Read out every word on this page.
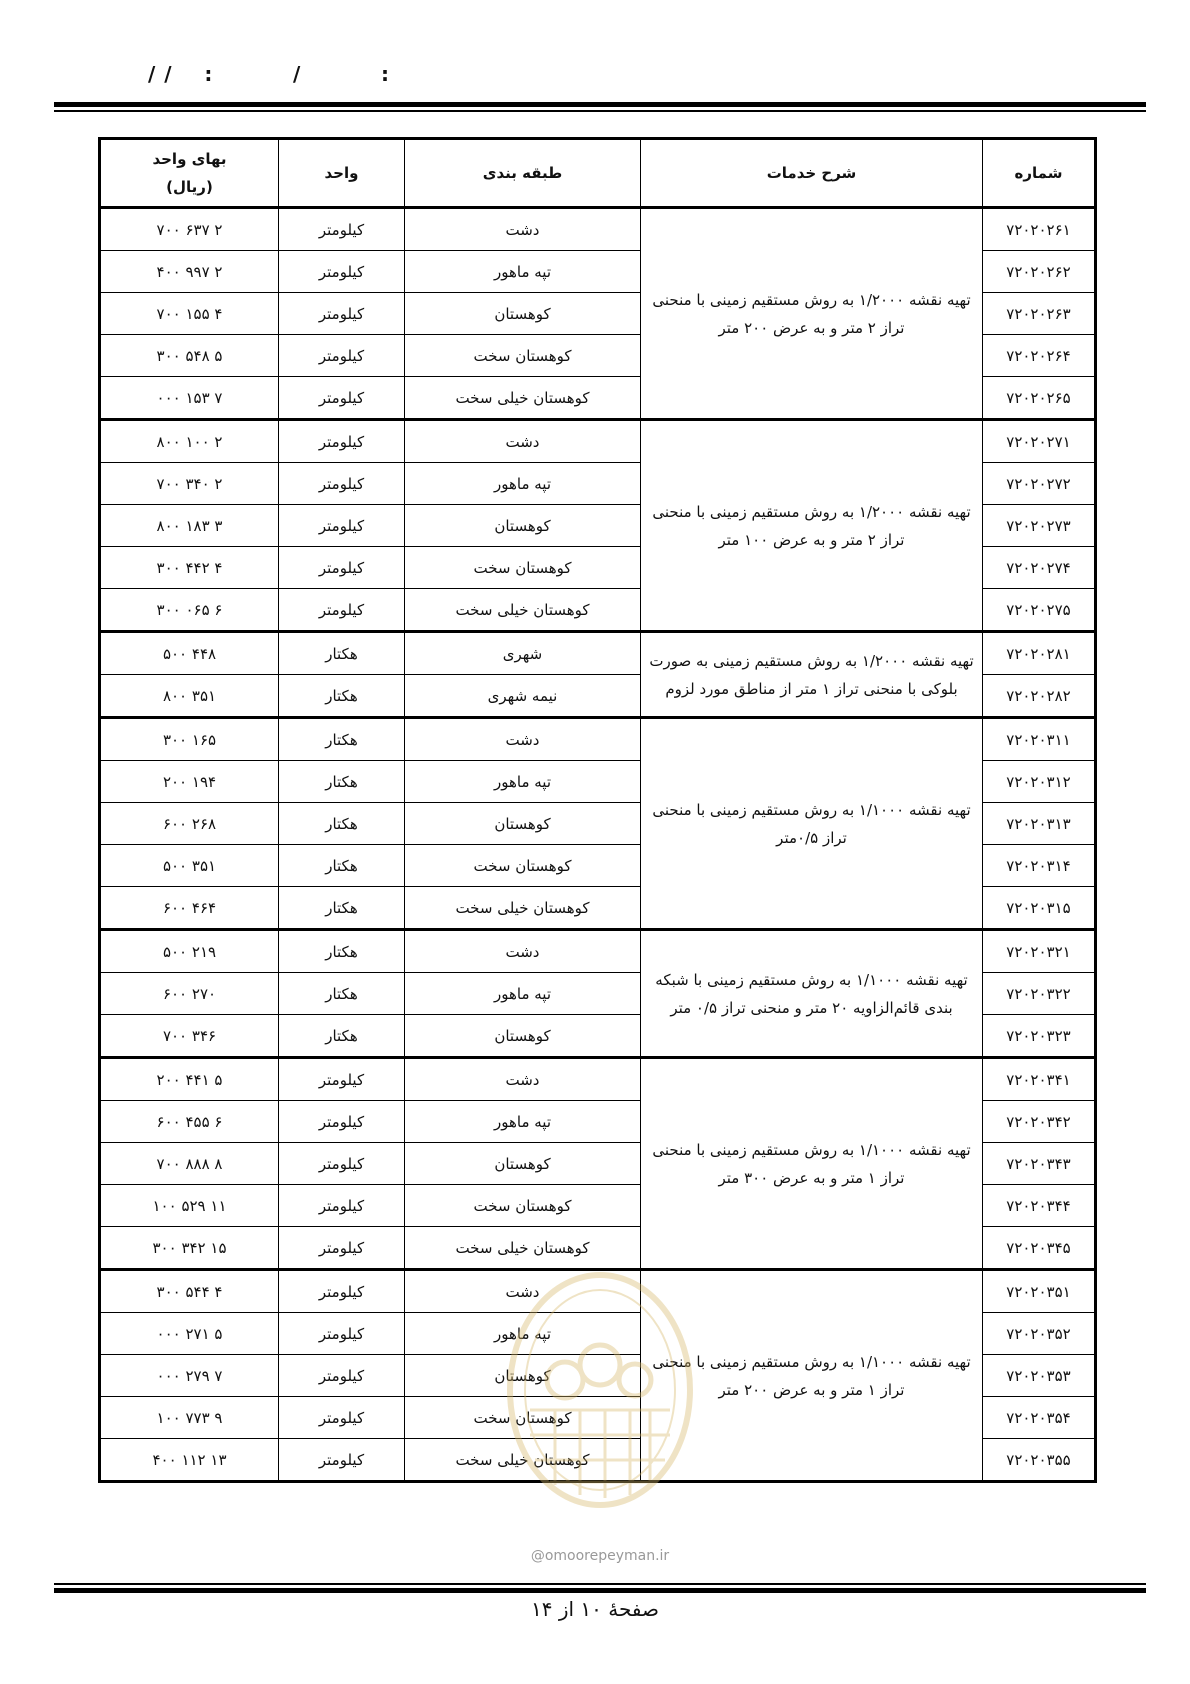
/ /    :          /          :
شماره	شرح خدمات	طبقه بندی	واحد	بهای واحد (ریال)
۷۲۰۲۰۲۶۱	تهیه نقشه ۱/۲۰۰۰ به روش مستقیم زمینی با منحنی تراز ۲ متر و به عرض ۲۰۰ متر	دشت	کیلومتر	۲ ۶۳۷ ۷۰۰
۷۲۰۲۰۲۶۲		تپه ماهور	کیلومتر	۲ ۹۹۷ ۴۰۰
۷۲۰۲۰۲۶۳		کوهستان	کیلومتر	۴ ۱۵۵ ۷۰۰
۷۲۰۲۰۲۶۴		کوهستان سخت	کیلومتر	۵ ۵۴۸ ۳۰۰
۷۲۰۲۰۲۶۵		کوهستان خیلی سخت	کیلومتر	۷ ۱۵۳ ۰۰۰
۷۲۰۲۰۲۷۱	تهیه نقشه ۱/۲۰۰۰ به روش مستقیم زمینی با منحنی تراز ۲ متر و به عرض ۱۰۰ متر	دشت	کیلومتر	۲ ۱۰۰ ۸۰۰
۷۲۰۲۰۲۷۲		تپه ماهور	کیلومتر	۲ ۳۴۰ ۷۰۰
۷۲۰۲۰۲۷۳		کوهستان	کیلومتر	۳ ۱۸۳ ۸۰۰
۷۲۰۲۰۲۷۴		کوهستان سخت	کیلومتر	۴ ۴۴۲ ۳۰۰
۷۲۰۲۰۲۷۵		کوهستان خیلی سخت	کیلومتر	۶ ۰۶۵ ۳۰۰
۷۲۰۲۰۲۸۱	تهیه نقشه ۱/۲۰۰۰ به روش مستقیم زمینی به صورت بلوکی با منحنی تراز ۱ متر از مناطق مورد لزوم	شهری	هکتار	۴۴۸ ۵۰۰
۷۲۰۲۰۲۸۲		نیمه شهری	هکتار	۳۵۱ ۸۰۰
۷۲۰۲۰۳۱۱	تهیه نقشه ۱/۱۰۰۰ به روش مستقیم زمینی با منحنی تراز ۰/۵متر	دشت	هکتار	۱۶۵ ۳۰۰
۷۲۰۲۰۳۱۲		تپه ماهور	هکتار	۱۹۴ ۲۰۰
۷۲۰۲۰۳۱۳		کوهستان	هکتار	۲۶۸ ۶۰۰
۷۲۰۲۰۳۱۴		کوهستان سخت	هکتار	۳۵۱ ۵۰۰
۷۲۰۲۰۳۱۵		کوهستان خیلی سخت	هکتار	۴۶۴ ۶۰۰
۷۲۰۲۰۳۲۱	تهیه نقشه ۱/۱۰۰۰ به روش مستقیم زمینی با شبکه بندی قائم‌الزاویه ۲۰ متر و منحنی تراز ۰/۵ متر	دشت	هکتار	۲۱۹ ۵۰۰
۷۲۰۲۰۳۲۲		تپه ماهور	هکتار	۲۷۰ ۶۰۰
۷۲۰۲۰۳۲۳		کوهستان	هکتار	۳۴۶ ۷۰۰
۷۲۰۲۰۳۴۱	تهیه نقشه ۱/۱۰۰۰ به روش مستقیم زمینی با منحنی تراز ۱ متر و به عرض ۳۰۰ متر	دشت	کیلومتر	۵ ۴۴۱ ۲۰۰
۷۲۰۲۰۳۴۲		تپه ماهور	کیلومتر	۶ ۴۵۵ ۶۰۰
۷۲۰۲۰۳۴۳		کوهستان	کیلومتر	۸ ۸۸۸ ۷۰۰
۷۲۰۲۰۳۴۴		کوهستان سخت	کیلومتر	۱۱ ۵۲۹ ۱۰۰
۷۲۰۲۰۳۴۵		کوهستان خیلی سخت	کیلومتر	۱۵ ۳۴۲ ۳۰۰
۷۲۰۲۰۳۵۱	تهیه نقشه ۱/۱۰۰۰ به روش مستقیم زمینی با منحنی تراز ۱ متر و به عرض ۲۰۰ متر	دشت	کیلومتر	۴ ۵۴۴ ۳۰۰
۷۲۰۲۰۳۵۲		تپه ماهور	کیلومتر	۵ ۲۷۱ ۰۰۰
۷۲۰۲۰۳۵۳		کوهستان	کیلومتر	۷ ۲۷۹ ۰۰۰
۷۲۰۲۰۳۵۴		کوهستان سخت	کیلومتر	۹ ۷۷۳ ۱۰۰
۷۲۰۲۰۳۵۵		کوهستان خیلی سخت	کیلومتر	۱۳ ۱۱۲ ۴۰۰
@omoorepeyman.ir
صفحهٔ ۱۰ از ۱۴
